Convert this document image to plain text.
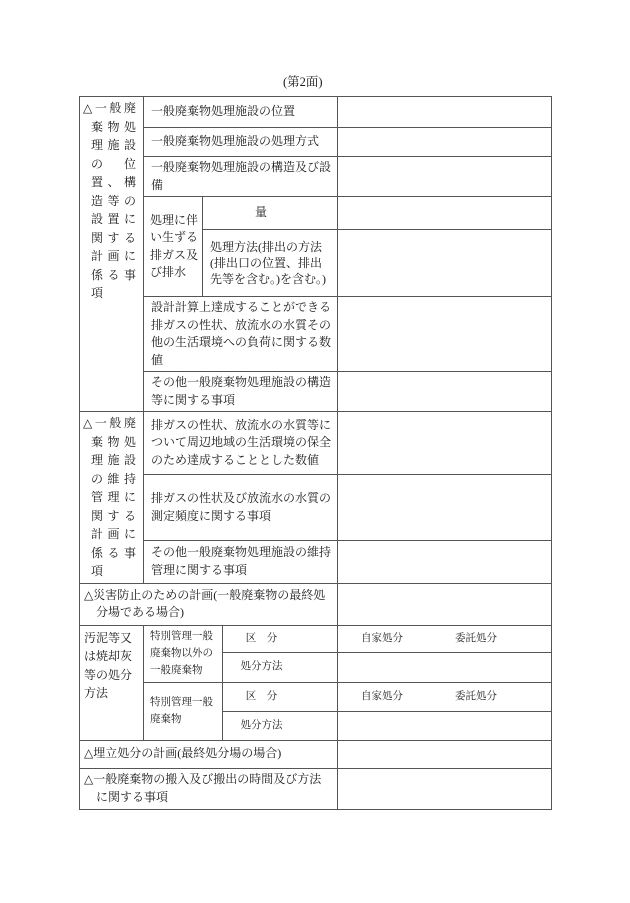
(第2面)
△一般廃棄物処理施設の位置、構造等の設置に関する計画に係る事項	一般廃棄物処理施設の位置			
	一般廃棄物処理施設の処理方式			
	一般廃棄物処理施設の構造及び設備			
	処理に伴い生ずる排ガス及び排水	量		
		処理方法(排出の方法(排出口の位置、排出先等を含む。)を含む。)		
	設計計算上達成することができる排ガスの性状、放流水の水質その他の生活環境への負荷に関する数値			
	その他一般廃棄物処理施設の構造等に関する事項			
△一般廃棄物処理施設の維持管理に関する計画に係る事項	排ガスの性状、放流水の水質等について周辺地域の生活環境の保全のため達成することとした数値			
	排ガスの性状及び放流水の水質の測定頻度に関する事項			
	その他一般廃棄物処理施設の維持管理に関する事項			
△災害防止のための計画(一般廃棄物の最終処分場である場合)				
汚泥等又は焼却灰等の処分方法	特別管理一般廃棄物以外の一般廃棄物		区　分	自家処分 委託処分
			処分方法	
	特別管理一般廃棄物		区　分	自家処分 委託処分
			処分方法	
△埋立処分の計画(最終処分場の場合)				
△一般廃棄物の搬入及び搬出の時間及び方法に関する事項				
